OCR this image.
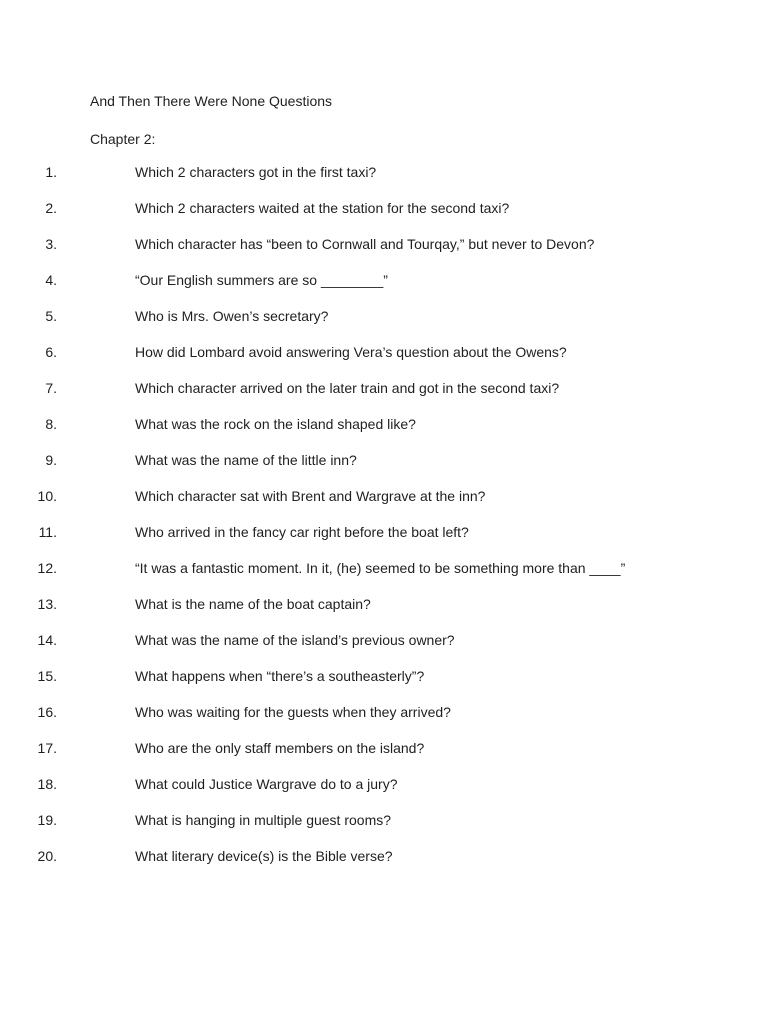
And Then There Were None Questions
Chapter 2:
1.	Which 2 characters got in the first taxi?
2.	Which 2 characters waited at the station for the second taxi?
3.	Which character has “been to Cornwall and Tourqay,” but never to Devon?
4.	“Our English summers are so ________”
5.	Who is Mrs. Owen’s secretary?
6.	How did Lombard avoid answering Vera’s question about the Owens?
7.	Which character arrived on the later train and got in the second taxi?
8.	What was the rock on the island shaped like?
9.	What was the name of the little inn?
10.	Which character sat with Brent and Wargrave at the inn?
11.	Who arrived in the fancy car right before the boat left?
12.	“It was a fantastic moment. In it, (he) seemed to be something more than ____”
13.	What is the name of the boat captain?
14.	What was the name of the island’s previous owner?
15.	What happens when “there’s a southeasterly”?
16.	Who was waiting for the guests when they arrived?
17.	Who are the only staff members on the island?
18.	What could Justice Wargrave do to a jury?
19.	What is hanging in multiple guest rooms?
20.	What literary device(s) is the Bible verse?
